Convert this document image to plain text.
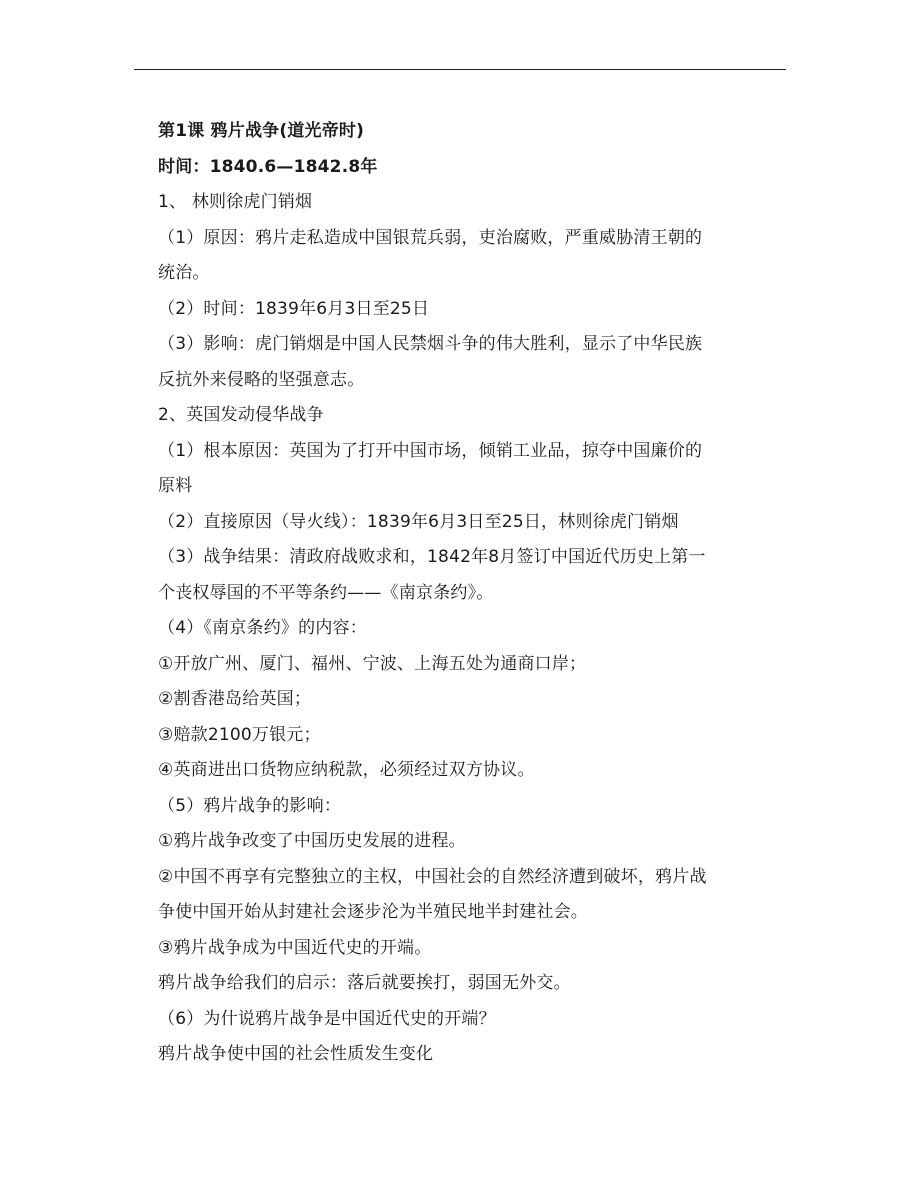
第1课 鸦片战争(道光帝时)
时间：1840.6—1842.8年
1、 林则徐虎门销烟
（1）原因：鸦片走私造成中国银荒兵弱，吏治腐败，严重威胁清王朝的
统治。
（2）时间：1839年6月3日至25日
（3）影响：虎门销烟是中国人民禁烟斗争的伟大胜利，显示了中华民族
反抗外来侵略的坚强意志。
2、英国发动侵华战争
（1）根本原因：英国为了打开中国市场，倾销工业品，掠夺中国廉价的
原料
（2）直接原因（导火线）：1839年6月3日至25日，林则徐虎门销烟
（3）战争结果：清政府战败求和，1842年8月签订中国近代历史上第一
个丧权辱国的不平等条约——《南京条约》。
（4）《南京条约》的内容：
①开放广州、厦门、福州、宁波、上海五处为通商口岸；
②割香港岛给英国；
③赔款2100万银元；
④英商进出口货物应纳税款，必须经过双方协议。
（5）鸦片战争的影响：
①鸦片战争改变了中国历史发展的进程。
②中国不再享有完整独立的主权，中国社会的自然经济遭到破坏，鸦片战
争使中国开始从封建社会逐步沦为半殖民地半封建社会。
③鸦片战争成为中国近代史的开端。
鸦片战争给我们的启示：落后就要挨打，弱国无外交。
（6）为什说鸦片战争是中国近代史的开端？
鸦片战争使中国的社会性质发生变化
